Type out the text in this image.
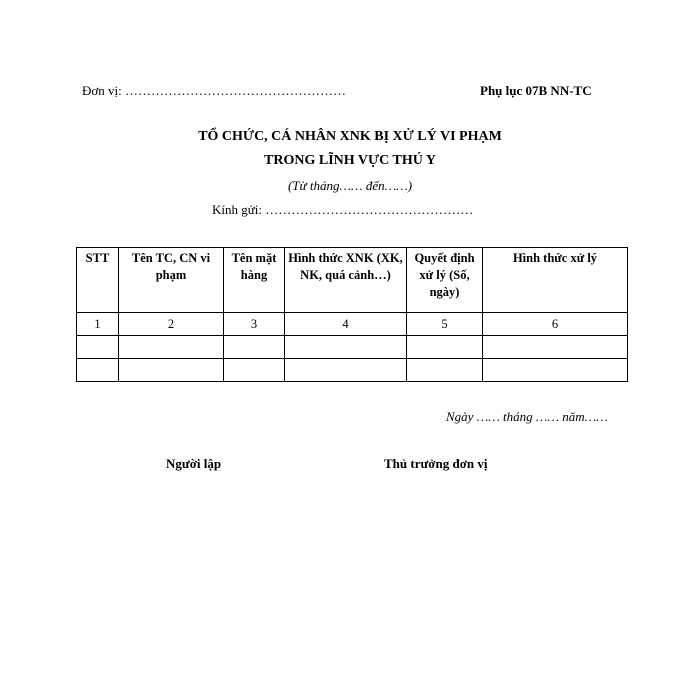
Đơn vị: ……………………………………………	Phụ lục 07B NN-TC
TỔ CHỨC, CÁ NHÂN XNK BỊ XỬ LÝ VI PHẠM
TRONG LĨNH VỰC THÚ Y
(Từ tháng…… đến……)
Kính gửi: …………………………………………
STT	Tên TC, CN vi phạm	Tên mặt hàng	Hình thức XNK (XK, NK, quá cảnh…)	Quyết định xử lý (Số, ngày)	Hình thức xử lý
1	2	3	4	5	6

Ngày …… tháng …… năm……
Người lập	Thủ trưởng đơn vị
